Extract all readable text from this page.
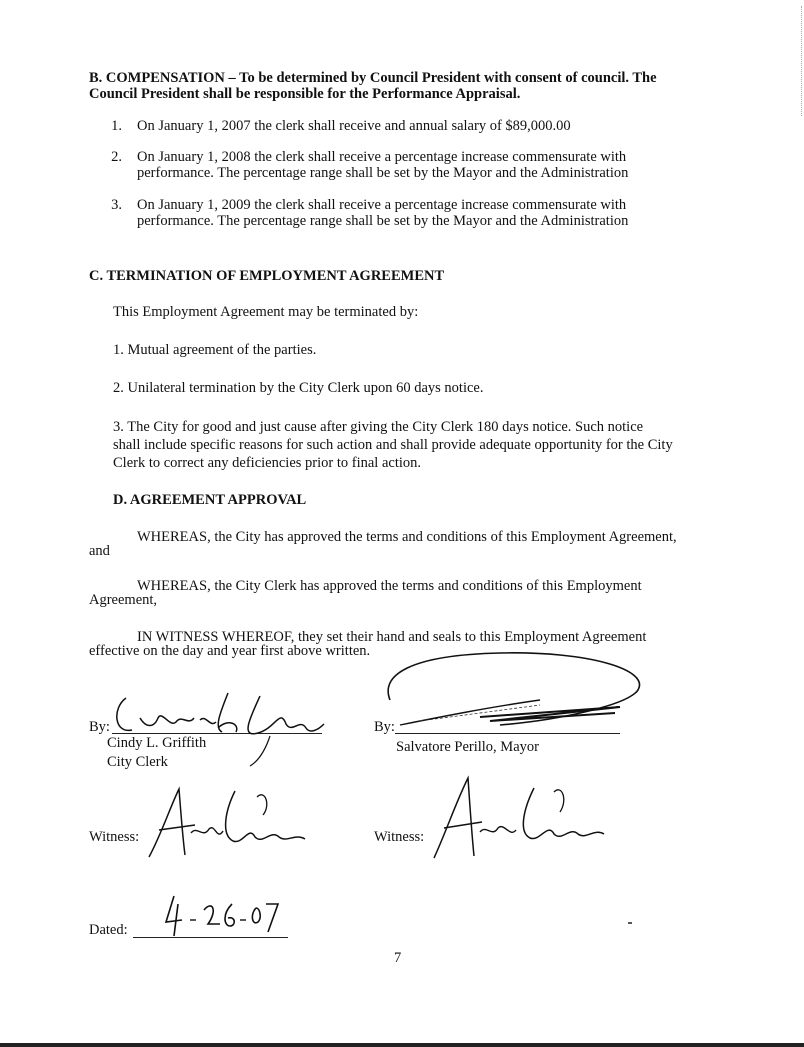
B. COMPENSATION – To be determined by Council President with consent of council. The
Council President shall be responsible for the Performance Appraisal.
1. On January 1, 2007 the clerk shall receive and annual salary of $89,000.00
2. On January 1, 2008 the clerk shall receive a percentage increase commensurate with
performance. The percentage range shall be set by the Mayor and the Administration
3. On January 1, 2009 the clerk shall receive a percentage increase commensurate with
performance. The percentage range shall be set by the Mayor and the Administration
C. TERMINATION OF EMPLOYMENT AGREEMENT
This Employment Agreement may be terminated by:
1. Mutual agreement of the parties.
2. Unilateral termination by the City Clerk upon 60 days notice.
3. The City for good and just cause after giving the City Clerk 180 days notice. Such notice
shall include specific reasons for such action and shall provide adequate opportunity for the City
Clerk to correct any deficiencies prior to final action.
D. AGREEMENT APPROVAL
WHEREAS, the City has approved the terms and conditions of this Employment Agreement,
and
WHEREAS, the City Clerk has approved the terms and conditions of this Employment
Agreement,
IN WITNESS WHEREOF, they set their hand and seals to this Employment Agreement
effective on the day and year first above written.
By:
Cindy L. Griffith
City Clerk
By:
Salvatore Perillo, Mayor
Witness:	Witness:
Dated:
7
